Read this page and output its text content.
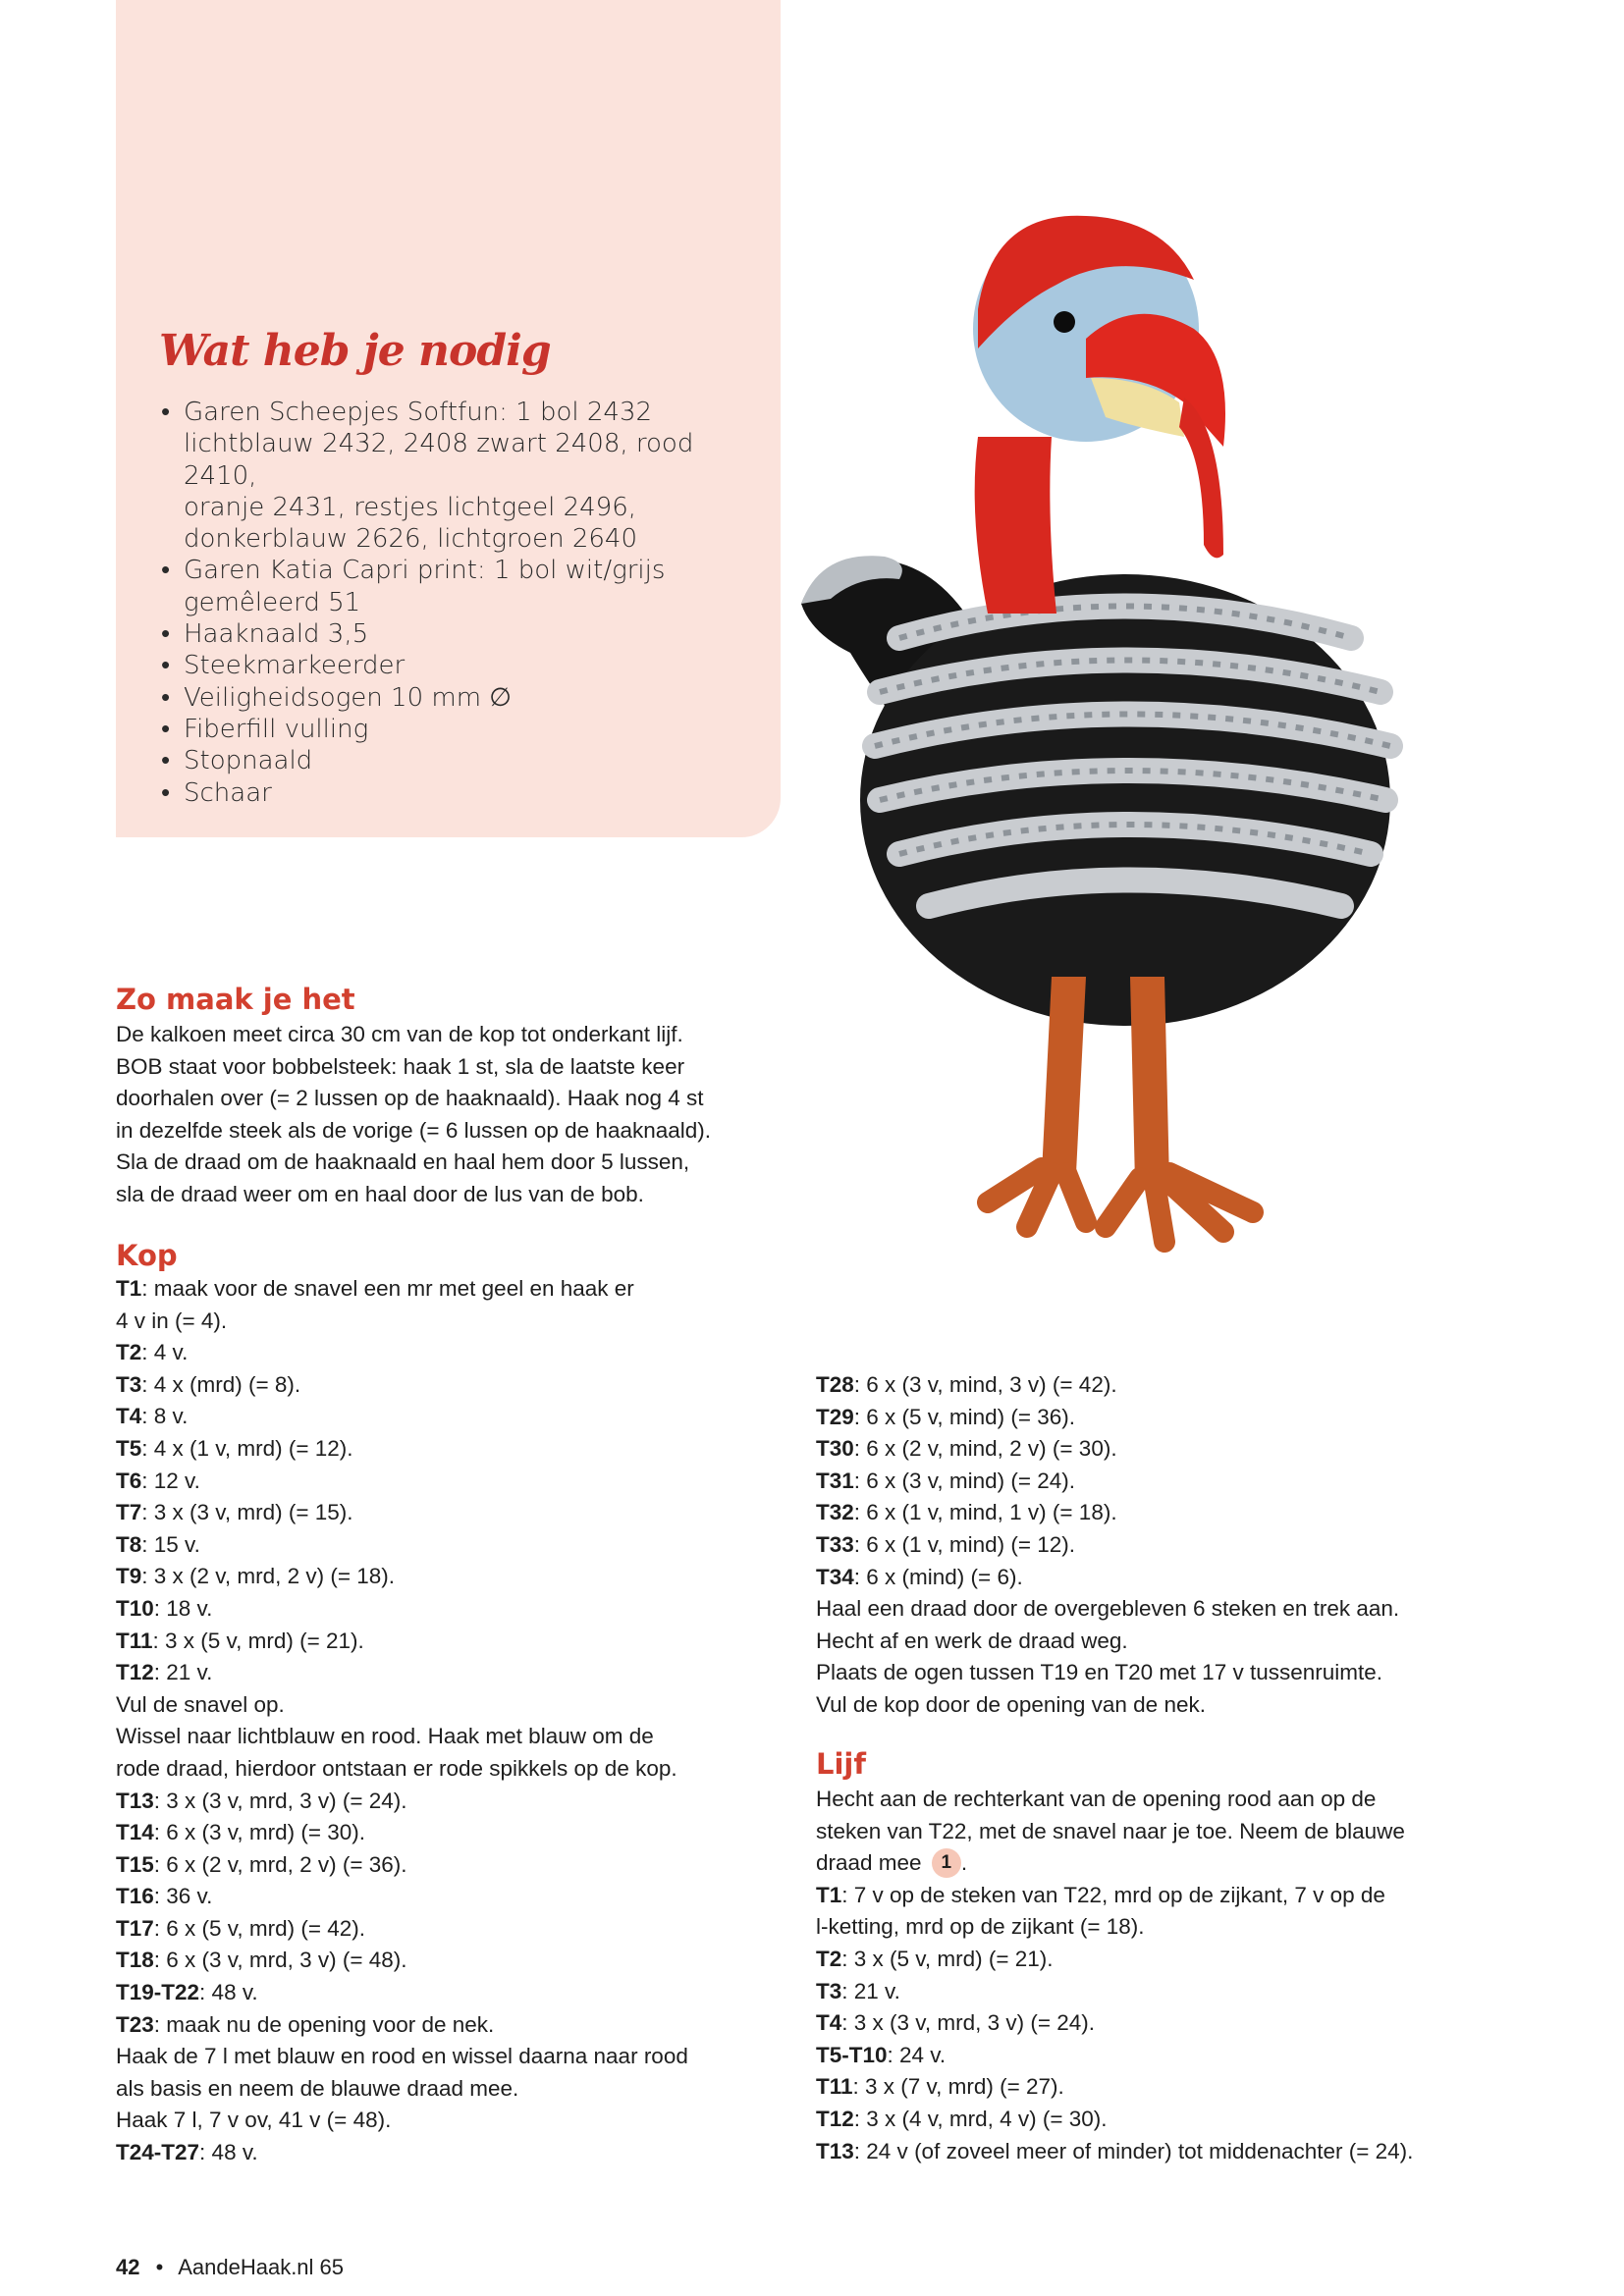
Wat heb je nodig
• Garen Scheepjes Softfun: 1 bol 2432
lichtblauw 2432, 2408 zwart 2408, rood 2410,
oranje 2431, restjes lichtgeel 2496,
donkerblauw 2626, lichtgroen 2640
• Garen Katia Capri print: 1 bol wit/grijs
gemêleerd 51
• Haaknaald 3,5
• Steekmarkeerder
• Veiligheidsogen 10 mm ∅
• Fiberfill vulling
• Stopnaald
• Schaar
Zo maak je het

De kalkoen meet circa 30 cm van de kop tot onderkant lijf.

BOB staat voor bobbelsteek: haak 1 st, sla de laatste keer

doorhalen over (= 2 lussen op de haaknaald). Haak nog 4 st

in dezelfde steek als de vorige (= 6 lussen op de haaknaald).

Sla de draad om de haaknaald en haal hem door 5 lussen,

sla de draad weer om en haal door de lus van de bob.

Kop

T1: maak voor de snavel een mr met geel en haak er

4 v in (= 4).

T2: 4 v.

T3: 4 x (mrd) (= 8).

T4: 8 v.

T5: 4 x (1 v, mrd) (= 12).

T6: 12 v.

T7: 3 x (3 v, mrd) (= 15).

T8: 15 v.

T9: 3 x (2 v, mrd, 2 v) (= 18).

T10: 18 v.

T11: 3 x (5 v, mrd) (= 21).

T12: 21 v.

Vul de snavel op.

Wissel naar lichtblauw en rood. Haak met blauw om de

rode draad, hierdoor ontstaan er rode spikkels op de kop.

T13: 3 x (3 v, mrd, 3 v) (= 24).

T14: 6 x (3 v, mrd) (= 30).

T15: 6 x (2 v, mrd, 2 v) (= 36).

T16: 36 v.

T17: 6 x (5 v, mrd) (= 42).

T18: 6 x (3 v, mrd, 3 v) (= 48).

T19-T22: 48 v.

T23: maak nu de opening voor de nek.

Haak de 7 l met blauw en rood en wissel daarna naar rood

als basis en neem de blauwe draad mee.

Haak 7 l, 7 v ov, 41 v (= 48).

T24-T27: 48 v.

T28: 6 x (3 v, mind, 3 v) (= 42).

T29: 6 x (5 v, mind) (= 36).

T30: 6 x (2 v, mind, 2 v) (= 30).

T31: 6 x (3 v, mind) (= 24).

T32: 6 x (1 v, mind, 1 v) (= 18).

T33: 6 x (1 v, mind) (= 12).

T34: 6 x (mind) (= 6).

Haal een draad door de overgebleven 6 steken en trek aan.

Hecht af en werk de draad weg.

Plaats de ogen tussen T19 en T20 met 17 v tussenruimte.

Vul de kop door de opening van de nek.

Lijf

Hecht aan de rechterkant van de opening rood aan op de

steken van T22, met de snavel naar je toe. Neem de blauwe

draad mee 1 .

T1: 7 v op de steken van T22, mrd op de zijkant, 7 v op de

l-ketting, mrd op de zijkant (= 18).

T2: 3 x (5 v, mrd) (= 21).

T3: 21 v.

T4: 3 x (3 v, mrd, 3 v) (= 24).

T5-T10: 24 v.

T11: 3 x (7 v, mrd) (= 27).

T12: 3 x (4 v, mrd, 4 v) (= 30).

T13: 24 v (of zoveel meer of minder) tot middenachter (= 24).

42 • AandeHaak.nl 65
